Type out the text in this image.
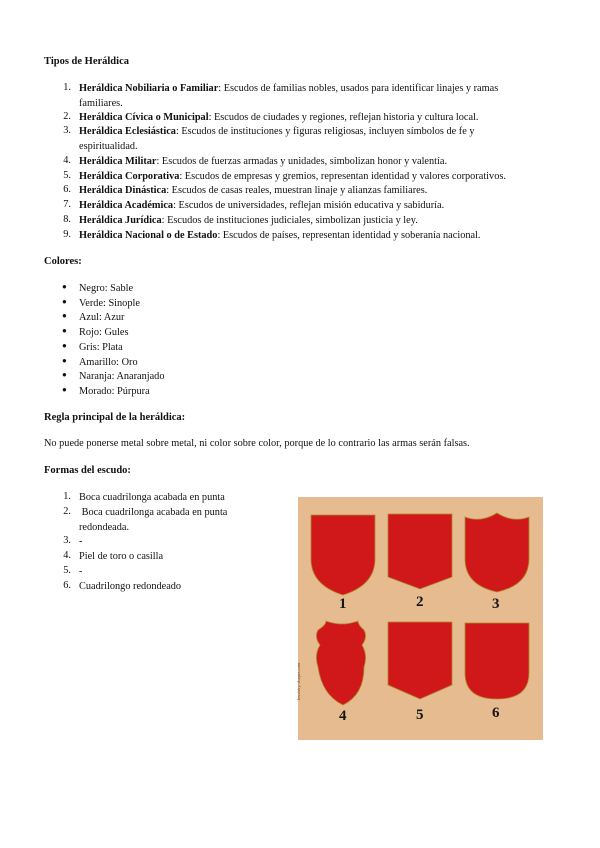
Tipos de Heráldica
1. Heráldica Nobiliaria o Familiar: Escudos de familias nobles, usados para identificar linajes y ramas
familiares.
2. Heráldica Cívica o Municipal: Escudos de ciudades y regiones, reflejan historia y cultura local.
3. Heráldica Eclesiástica: Escudos de instituciones y figuras religiosas, incluyen símbolos de fe y
espiritualidad.
4. Heráldica Militar: Escudos de fuerzas armadas y unidades, simbolizan honor y valentía.
5. Heráldica Corporativa: Escudos de empresas y gremios, representan identidad y valores corporativos.
6. Heráldica Dinástica: Escudos de casas reales, muestran linaje y alianzas familiares.
7. Heráldica Académica: Escudos de universidades, reflejan misión educativa y sabiduría.
8. Heráldica Jurídica: Escudos de instituciones judiciales, simbolizan justicia y ley.
9. Heráldica Nacional o de Estado: Escudos de países, representan identidad y soberanía nacional.
Colores:
● Negro: Sable
● Verde: Sinople
● Azul: Azur
● Rojo: Gules
● Gris: Plata
● Amarillo: Oro
● Naranja: Anaranjado
● Morado: Púrpura
Regla principal de la heráldica:
No puede ponerse metal sobre metal, ni color sobre color, porque de lo contrario las armas serán falsas.
Formas del escudo:
1. Boca cuadrilonga acabada en punta
2. Boca cuadrilonga acabada en punta
redondeada.
3. -
4. Piel de toro o casilla
5. -
6. Cuadrilongo redondeado
1	2	3
4	5	6
heraldry-shapes.com
